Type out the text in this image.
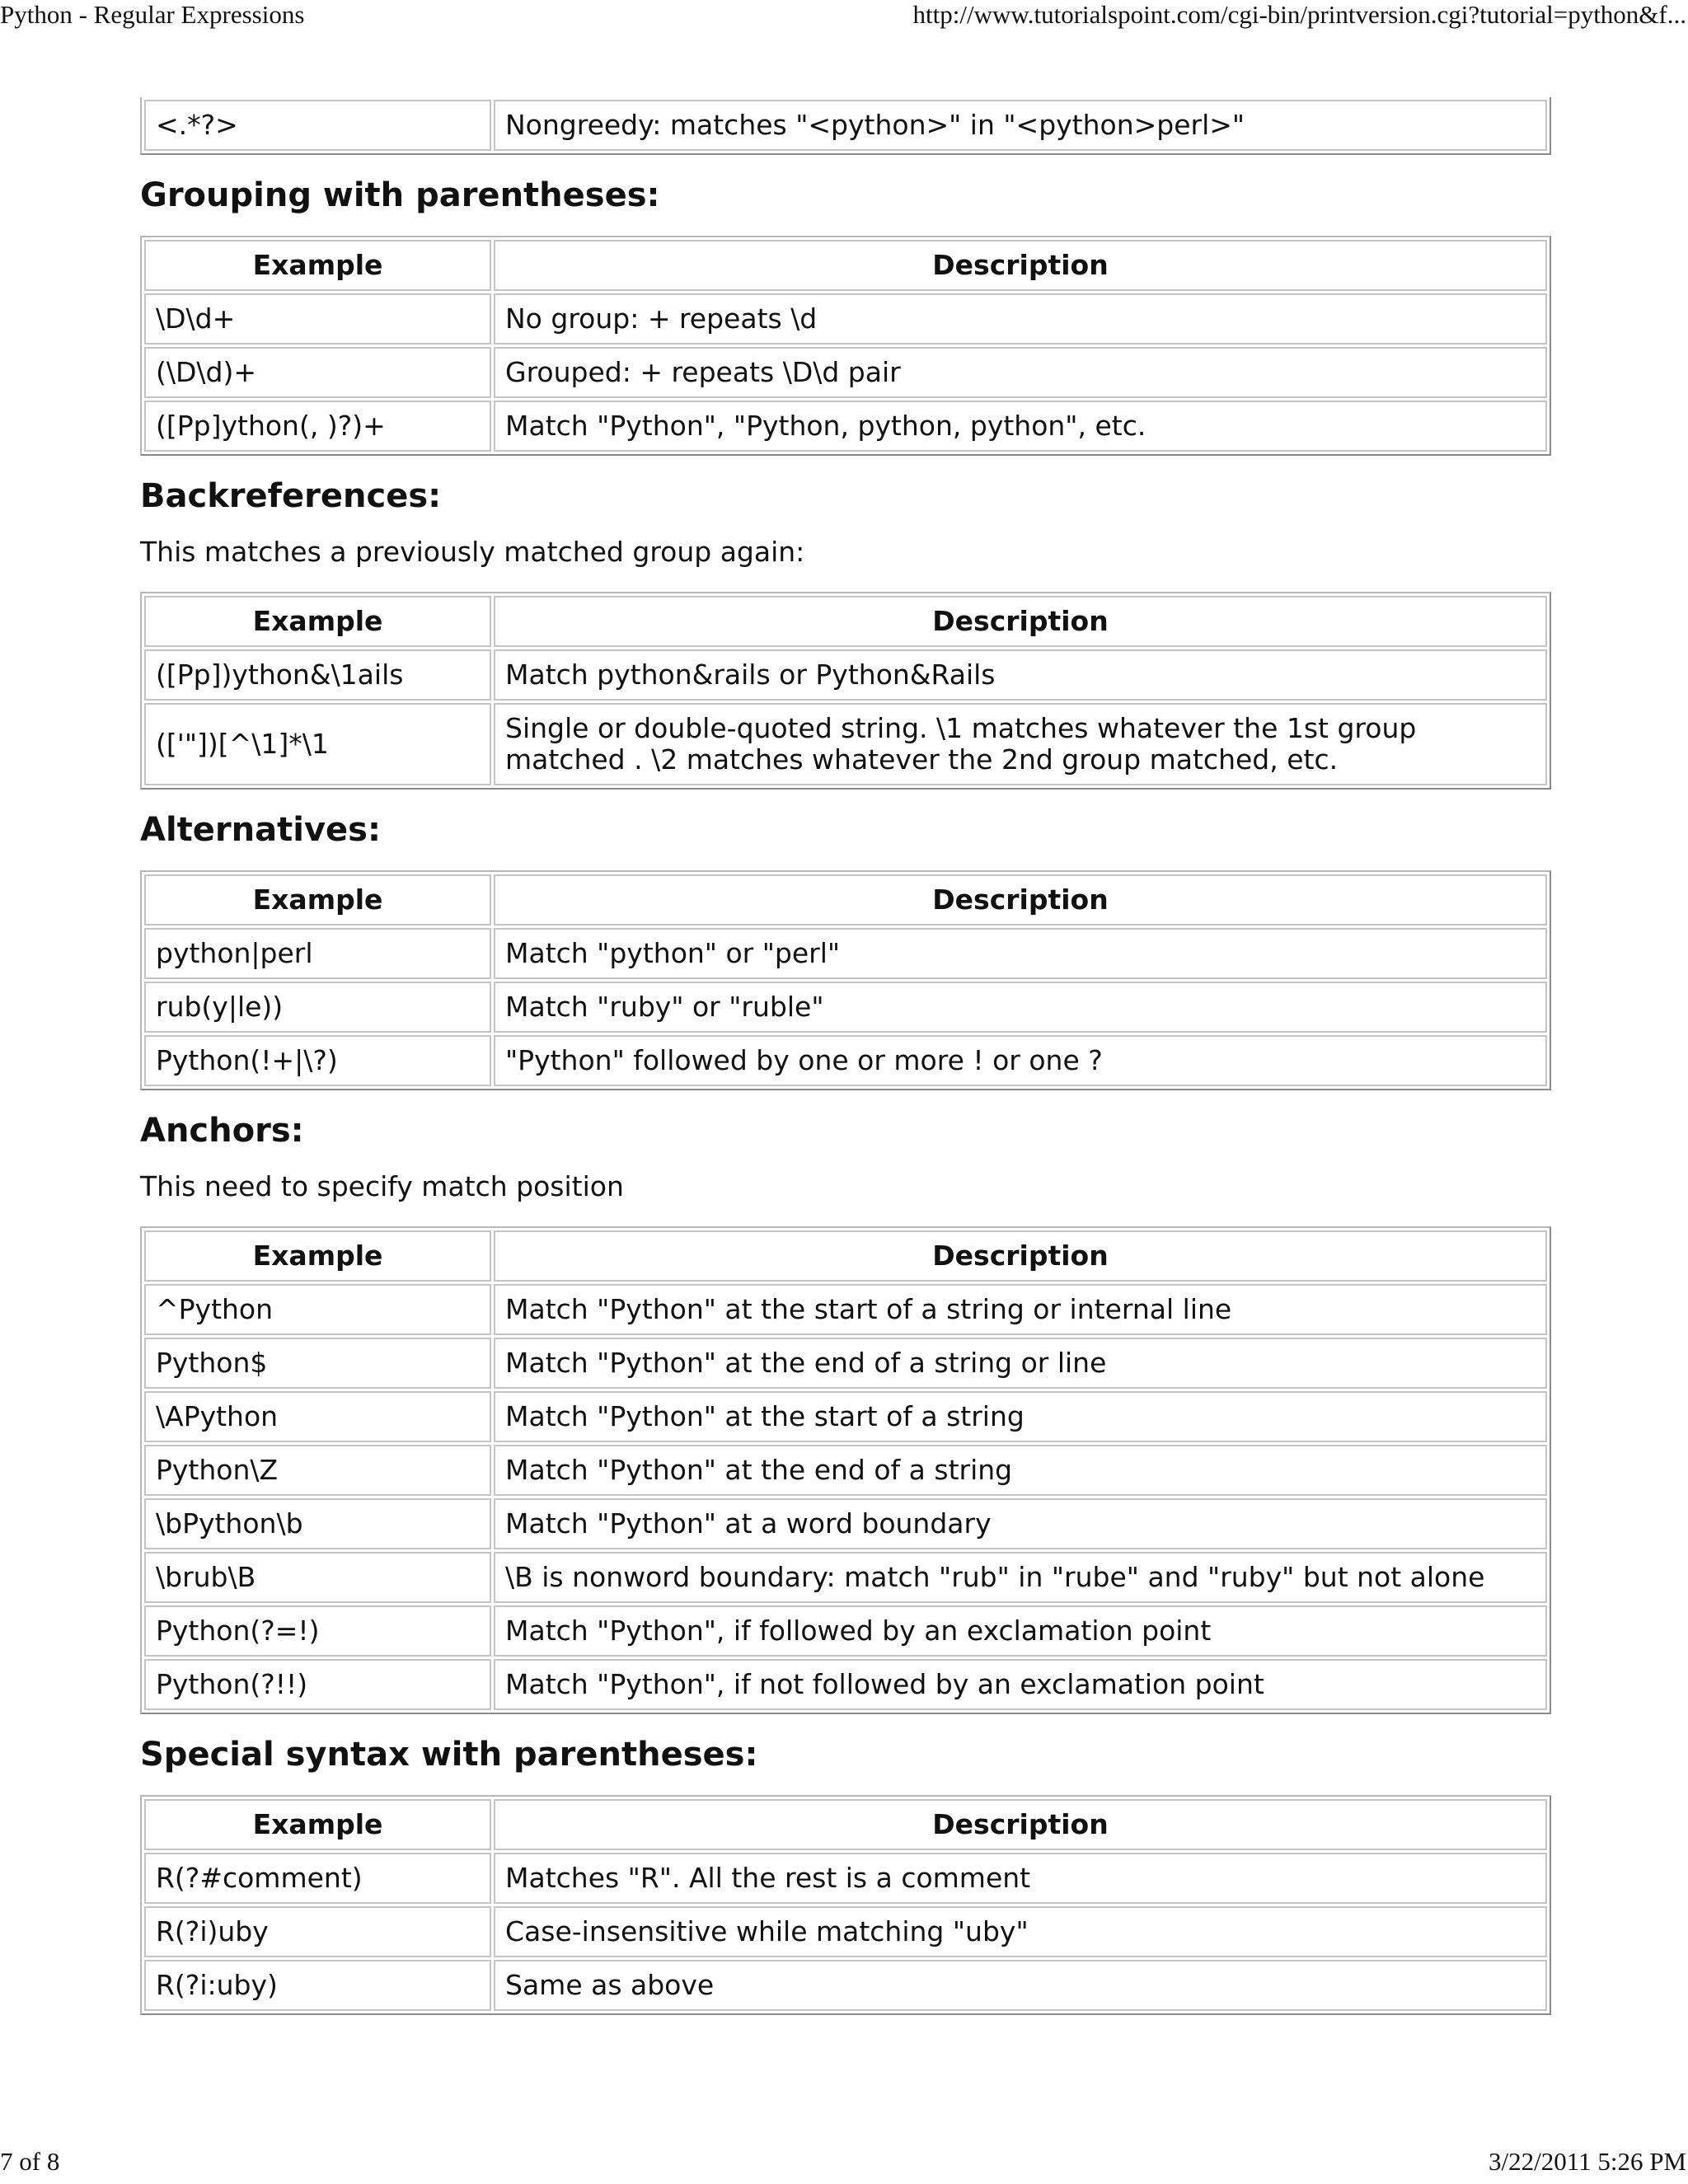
Python - Regular Expressions	http://www.tutorialspoint.com/cgi-bin/printversion.cgi?tutorial=python&f...
<.*?>	Nongreedy: matches "<python>" in "<python>perl>"
Grouping with parentheses:
Example	Description
\D\d+	No group: + repeats \d
(\D\d)+	Grouped: + repeats \D\d pair
([Pp]ython(, )?)+	Match "Python", "Python, python, python", etc.
Backreferences:

This matches a previously matched group again:

Example	Description
([Pp])ython&\1ails	Match python&rails or Python&Rails
(['"])[^\1]*\1	Single or double-quoted string. \1 matches whatever the 1st group matched . \2 matches whatever the 2nd group matched, etc.
Alternatives:
Example	Description
python|perl	Match "python" or "perl"
rub(y|le))	Match "ruby" or "ruble"
Python(!+|\?)	"Python" followed by one or more ! or one ?
Anchors:

This need to specify match position

Example	Description
^Python	Match "Python" at the start of a string or internal line
Python$	Match "Python" at the end of a string or line
\APython	Match "Python" at the start of a string
Python\Z	Match "Python" at the end of a string
\bPython\b	Match "Python" at a word boundary
\brub\B	\B is nonword boundary: match "rub" in "rube" and "ruby" but not alone
Python(?=!)	Match "Python", if followed by an exclamation point
Python(?!!)	Match "Python", if not followed by an exclamation point
Special syntax with parentheses:
Example	Description
R(?#comment)	Matches "R". All the rest is a comment
R(?i)uby	Case-insensitive while matching "uby"
R(?i:uby)	Same as above
7 of 8	3/22/2011 5:26 PM
